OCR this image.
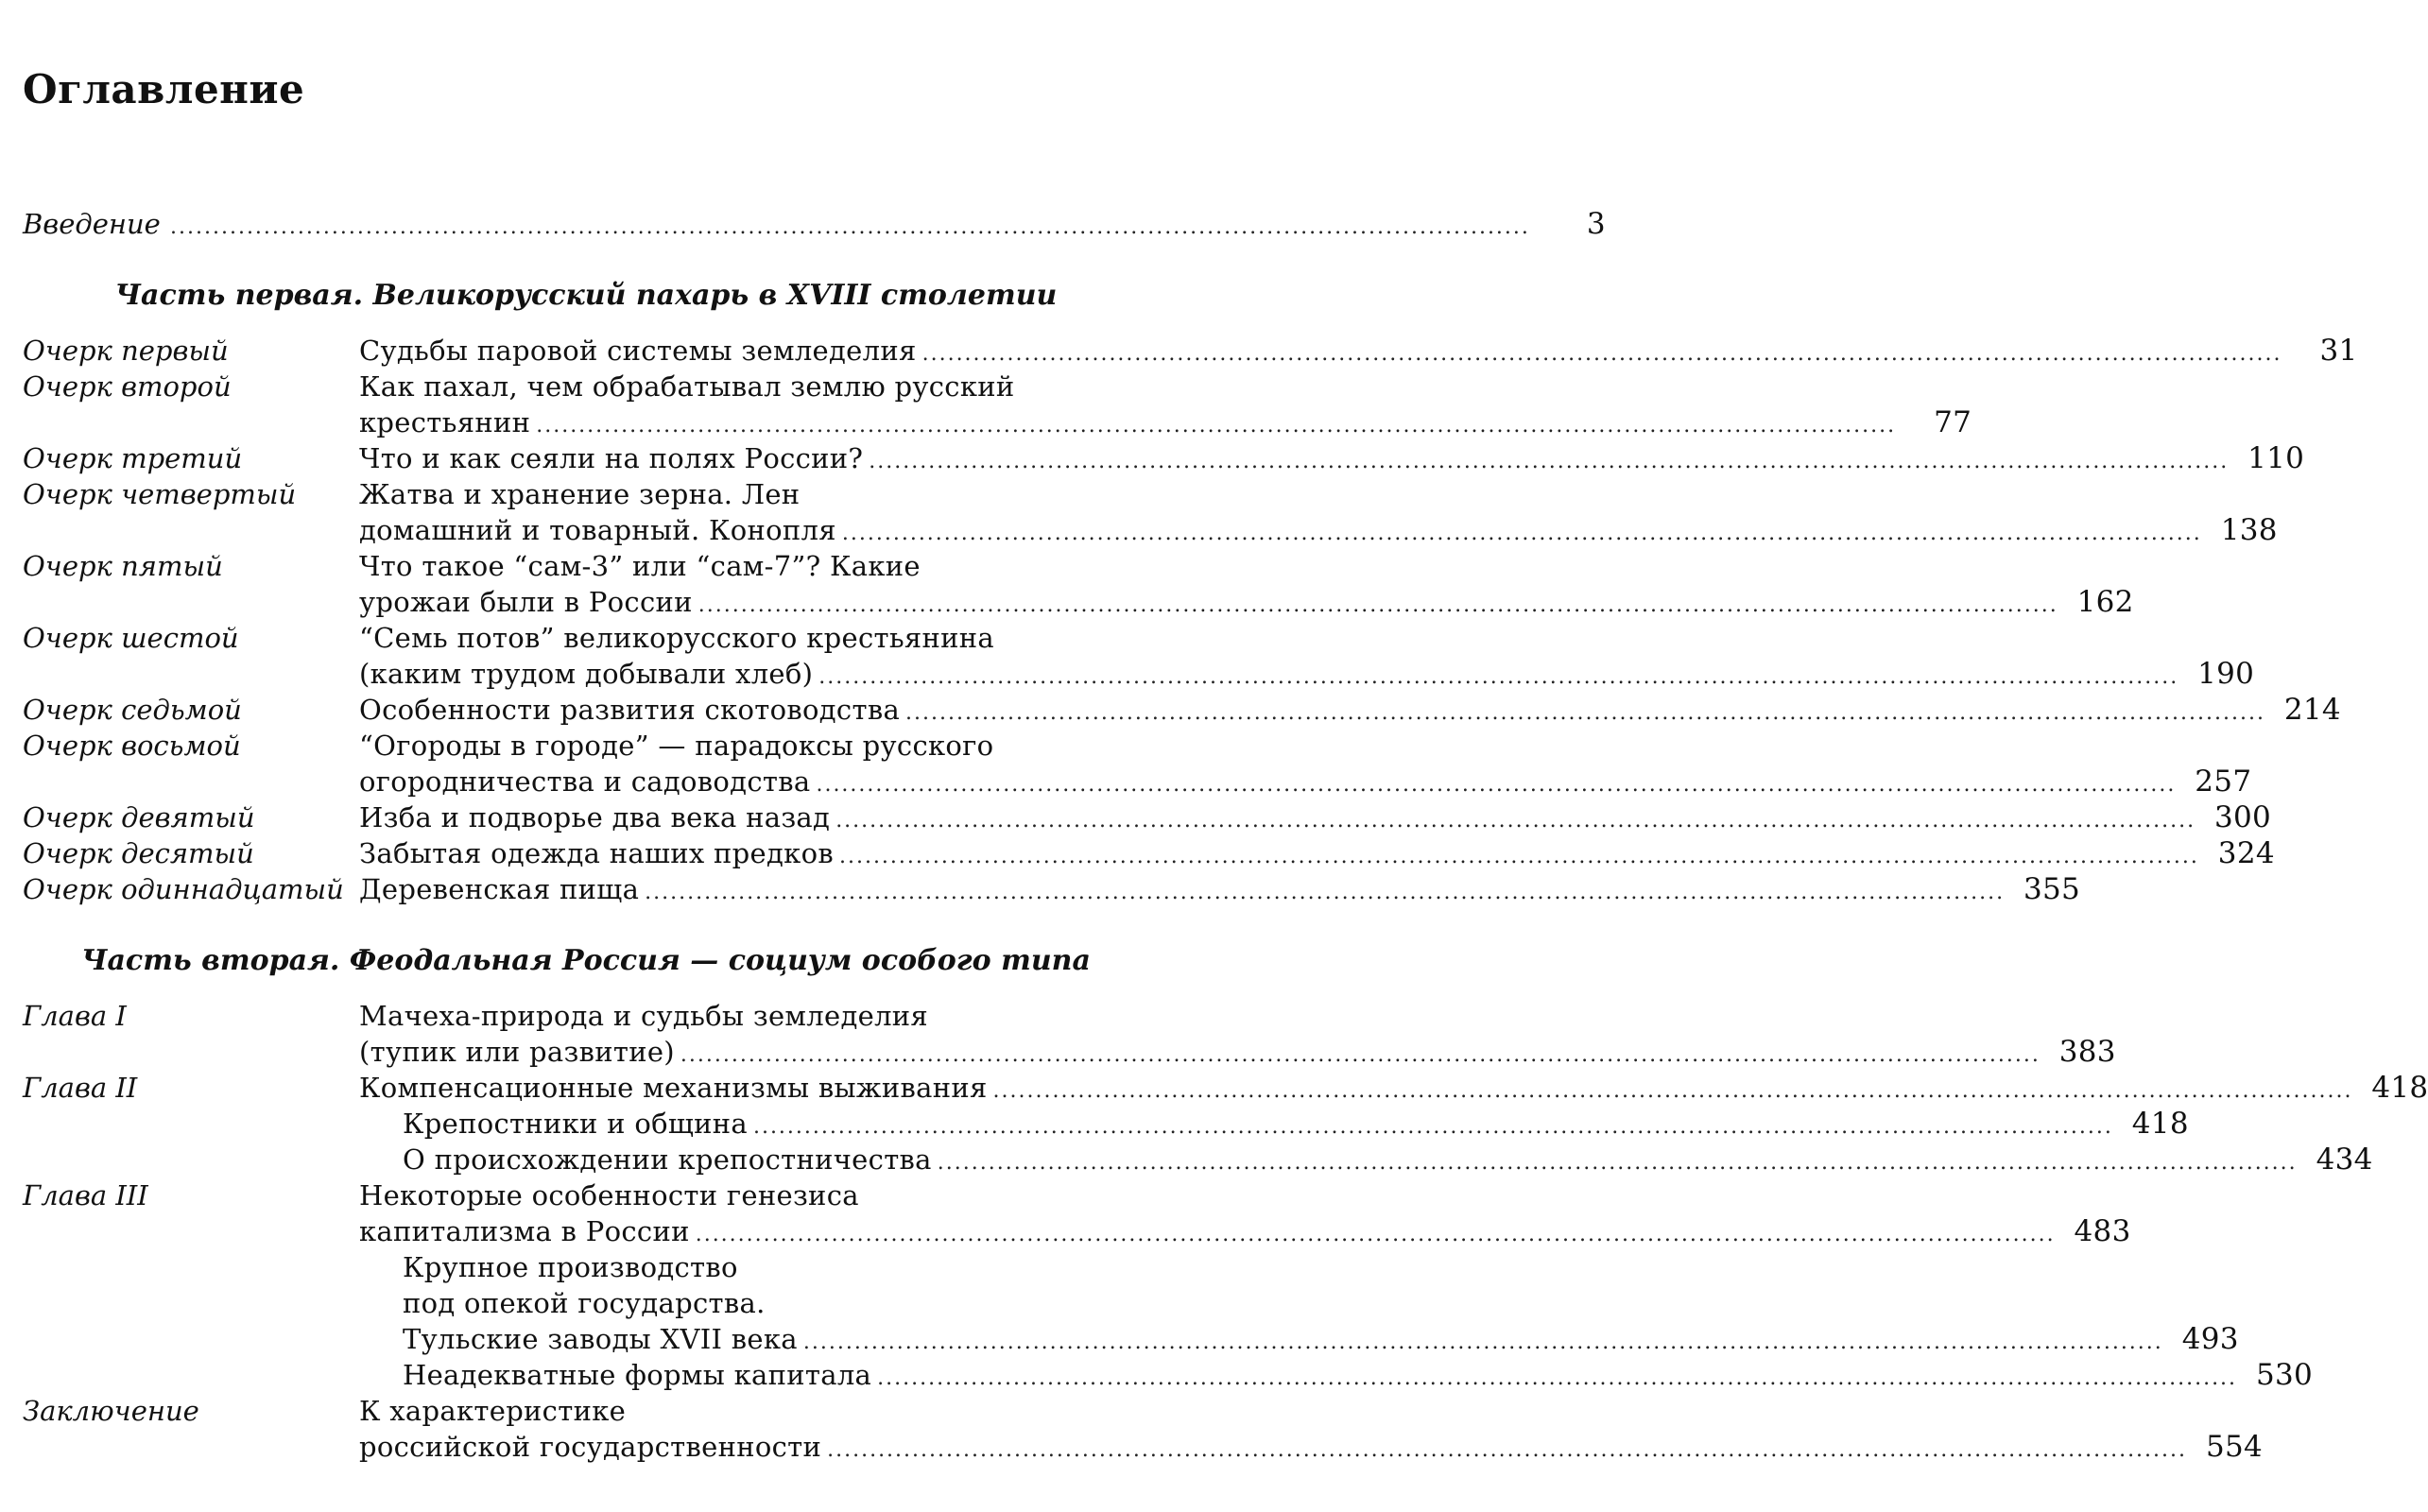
Оглавление
Введение ................................................................................................................................................................	3
Часть первая. Великорусский пахарь в XVIII столетии
Очерк первый	Судьбы паровой системы земледелия ................................................................................................................................................................	31
Очерк второй	Как пахал, чем обрабатывал землю русский
крестьянин ................................................................................................................................................................	77
Очерк третий	Что и как сеяли на полях России? ................................................................................................................................................................ 110
Очерк четвертый Жатва и хранение зерна. Лен
домашний и товарный. Конопля ................................................................................................................................................................ 138
Очерк пятый	Что такое “сам-3” или “сам-7”? Какие
урожаи были в России ................................................................................................................................................................ 162
Очерк шестой	“Семь потов” великорусского крестьянина
(каким трудом добывали хлеб) ................................................................................................................................................................ 190
Очерк седьмой	Особенности развития скотоводства ................................................................................................................................................................ 214
Очерк восьмой	“Огороды в городе” — парадоксы русского
огородничества и садоводства ................................................................................................................................................................ 257
Очерк девятый	Изба и подворье два века назад ................................................................................................................................................................ 300
Очерк десятый	Забытая одежда наших предков ................................................................................................................................................................ 324
Очерк одиннадцатый Деревенская пища ................................................................................................................................................................ 355
Часть вторая. Феодальная Россия — социум особого типа
Глава I	Мачеха-природа и судьбы земледелия
(тупик или развитие) ................................................................................................................................................................ 383
Глава II	Компенсационные механизмы выживания ................................................................................................................................................................ 418
Крепостники и община ................................................................................................................................................................ 418
О происхождении крепостничества ................................................................................................................................................................ 434
Глава III	Некоторые особенности генезиса
капитализма в России ................................................................................................................................................................ 483
Крупное производство
под опекой государства.
Тульские заводы XVII века ................................................................................................................................................................ 493
Неадекватные формы капитала ................................................................................................................................................................ 530
Заключение	К характеристике
российской государственности ................................................................................................................................................................ 554
